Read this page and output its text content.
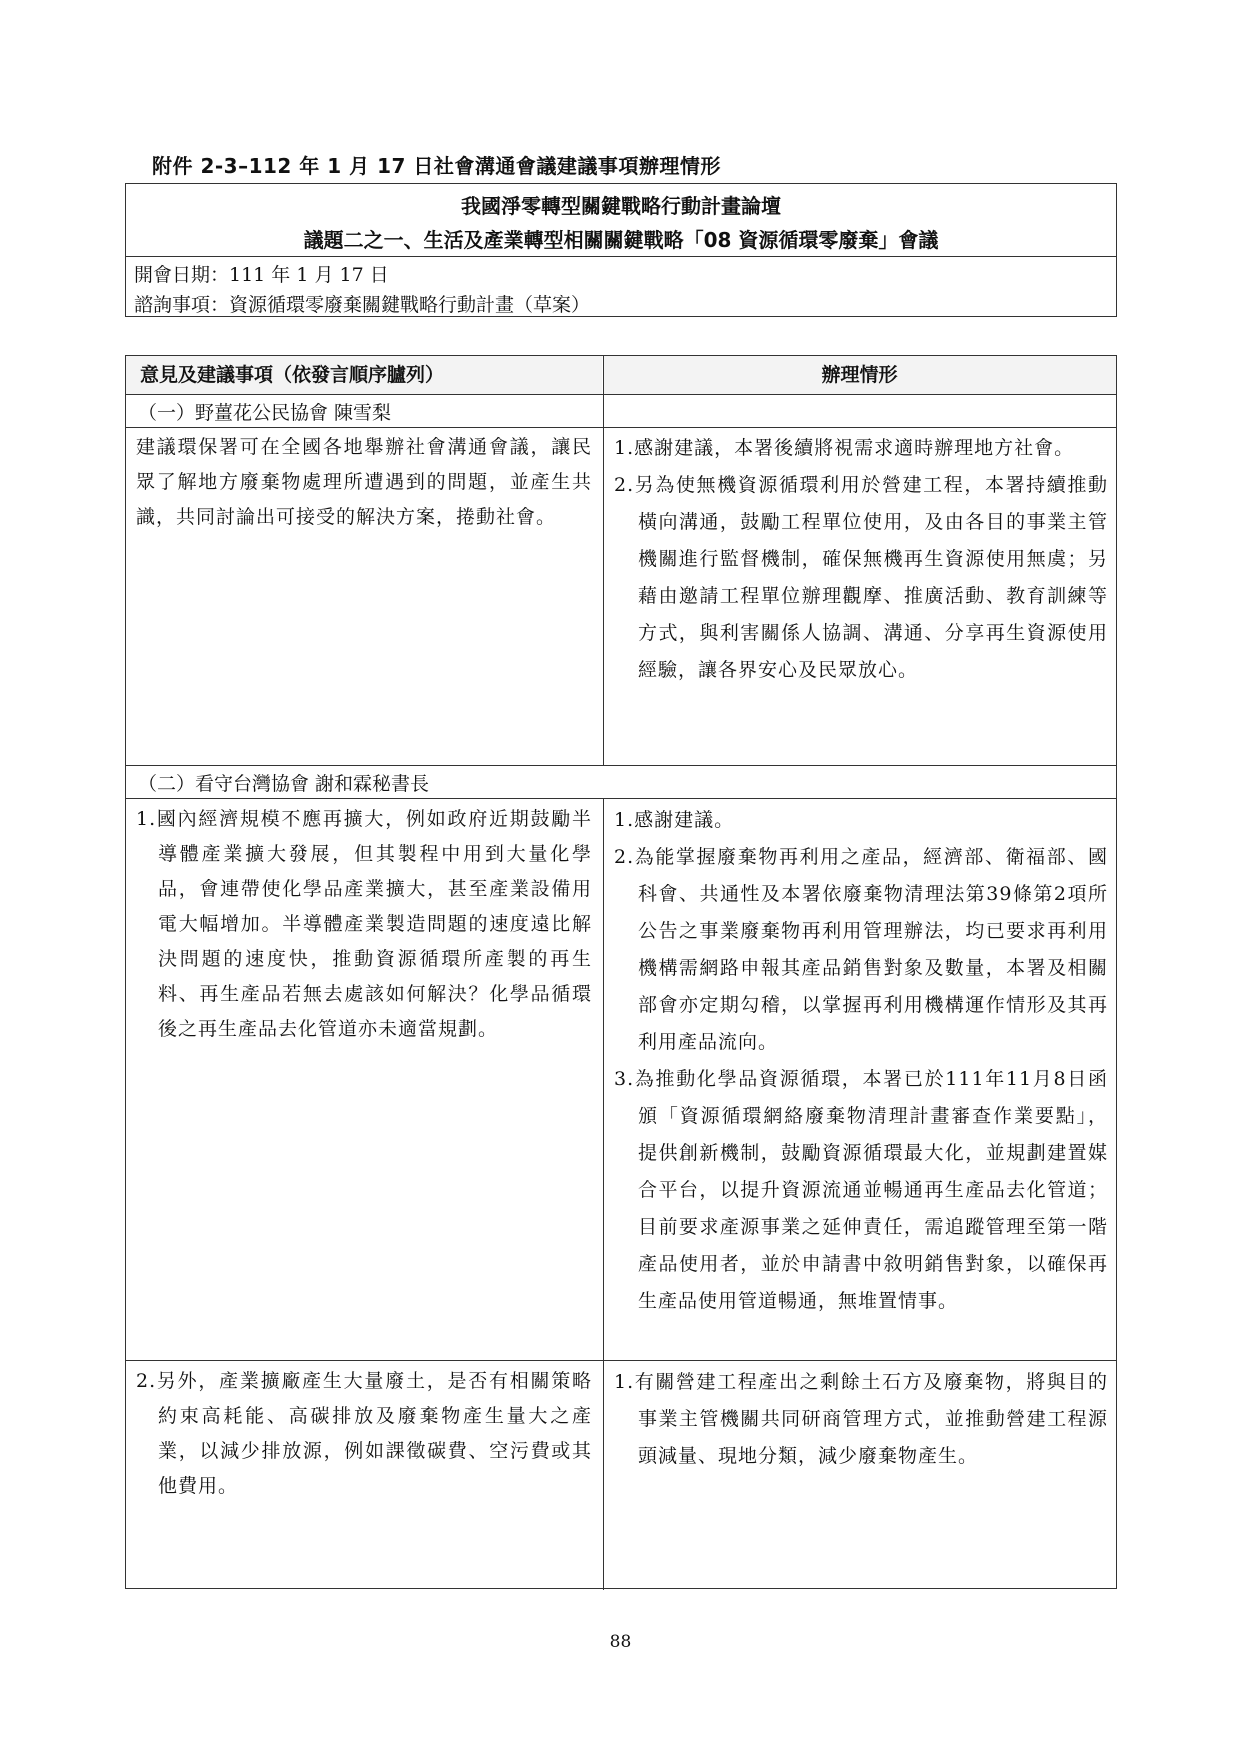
附件 2-3–112 年 1 月 17 日社會溝通會議建議事項辦理情形
我國淨零轉型關鍵戰略行動計畫論壇
議題二之一、生活及產業轉型相關關鍵戰略「08 資源循環零廢棄」會議
開會日期：111 年 1 月 17 日
諮詢事項：資源循環零廢棄關鍵戰略行動計畫（草案）
意見及建議事項（依發言順序臚列）	辦理情形
（一）野薑花公民協會 陳雪梨
建議環保署可在全國各地舉辦社會溝通會議，讓民眾了解地方廢棄物處理所遭遇到的問題，並產生共識，共同討論出可接受的解決方案，捲動社會。
1.感謝建議，本署後續將視需求適時辦理地方社會。
2.另為使無機資源循環利用於營建工程，本署持續推動橫向溝通，鼓勵工程單位使用，及由各目的事業主管機關進行監督機制，確保無機再生資源使用無虞；另藉由邀請工程單位辦理觀摩、推廣活動、教育訓練等方式，與利害關係人協調、溝通、分享再生資源使用經驗，讓各界安心及民眾放心。
（二）看守台灣協會 謝和霖秘書長
1.國內經濟規模不應再擴大，例如政府近期鼓勵半導體產業擴大發展，但其製程中用到大量化學品，會連帶使化學品產業擴大，甚至產業設備用電大幅增加。半導體產業製造問題的速度遠比解決問題的速度快，推動資源循環所產製的再生料、再生產品若無去處該如何解決？化學品循環後之再生產品去化管道亦未適當規劃。
1.感謝建議。
2.為能掌握廢棄物再利用之產品，經濟部、衛福部、國科會、共通性及本署依廢棄物清理法第39條第2項所公告之事業廢棄物再利用管理辦法，均已要求再利用機構需網路申報其產品銷售對象及數量，本署及相關部會亦定期勾稽，以掌握再利用機構運作情形及其再利用產品流向。
3.為推動化學品資源循環，本署已於111年11月8日函頒「資源循環網絡廢棄物清理計畫審查作業要點」，提供創新機制，鼓勵資源循環最大化，並規劃建置媒合平台，以提升資源流通並暢通再生產品去化管道；目前要求產源事業之延伸責任，需追蹤管理至第一階產品使用者，並於申請書中敘明銷售對象，以確保再生產品使用管道暢通，無堆置情事。
2.另外，產業擴廠產生大量廢土，是否有相關策略約束高耗能、高碳排放及廢棄物產生量大之產業，以減少排放源，例如課徵碳費、空污費或其他費用。
1.有關營建工程產出之剩餘土石方及廢棄物，將與目的事業主管機關共同研商管理方式，並推動營建工程源頭減量、現地分類，減少廢棄物產生。
88
